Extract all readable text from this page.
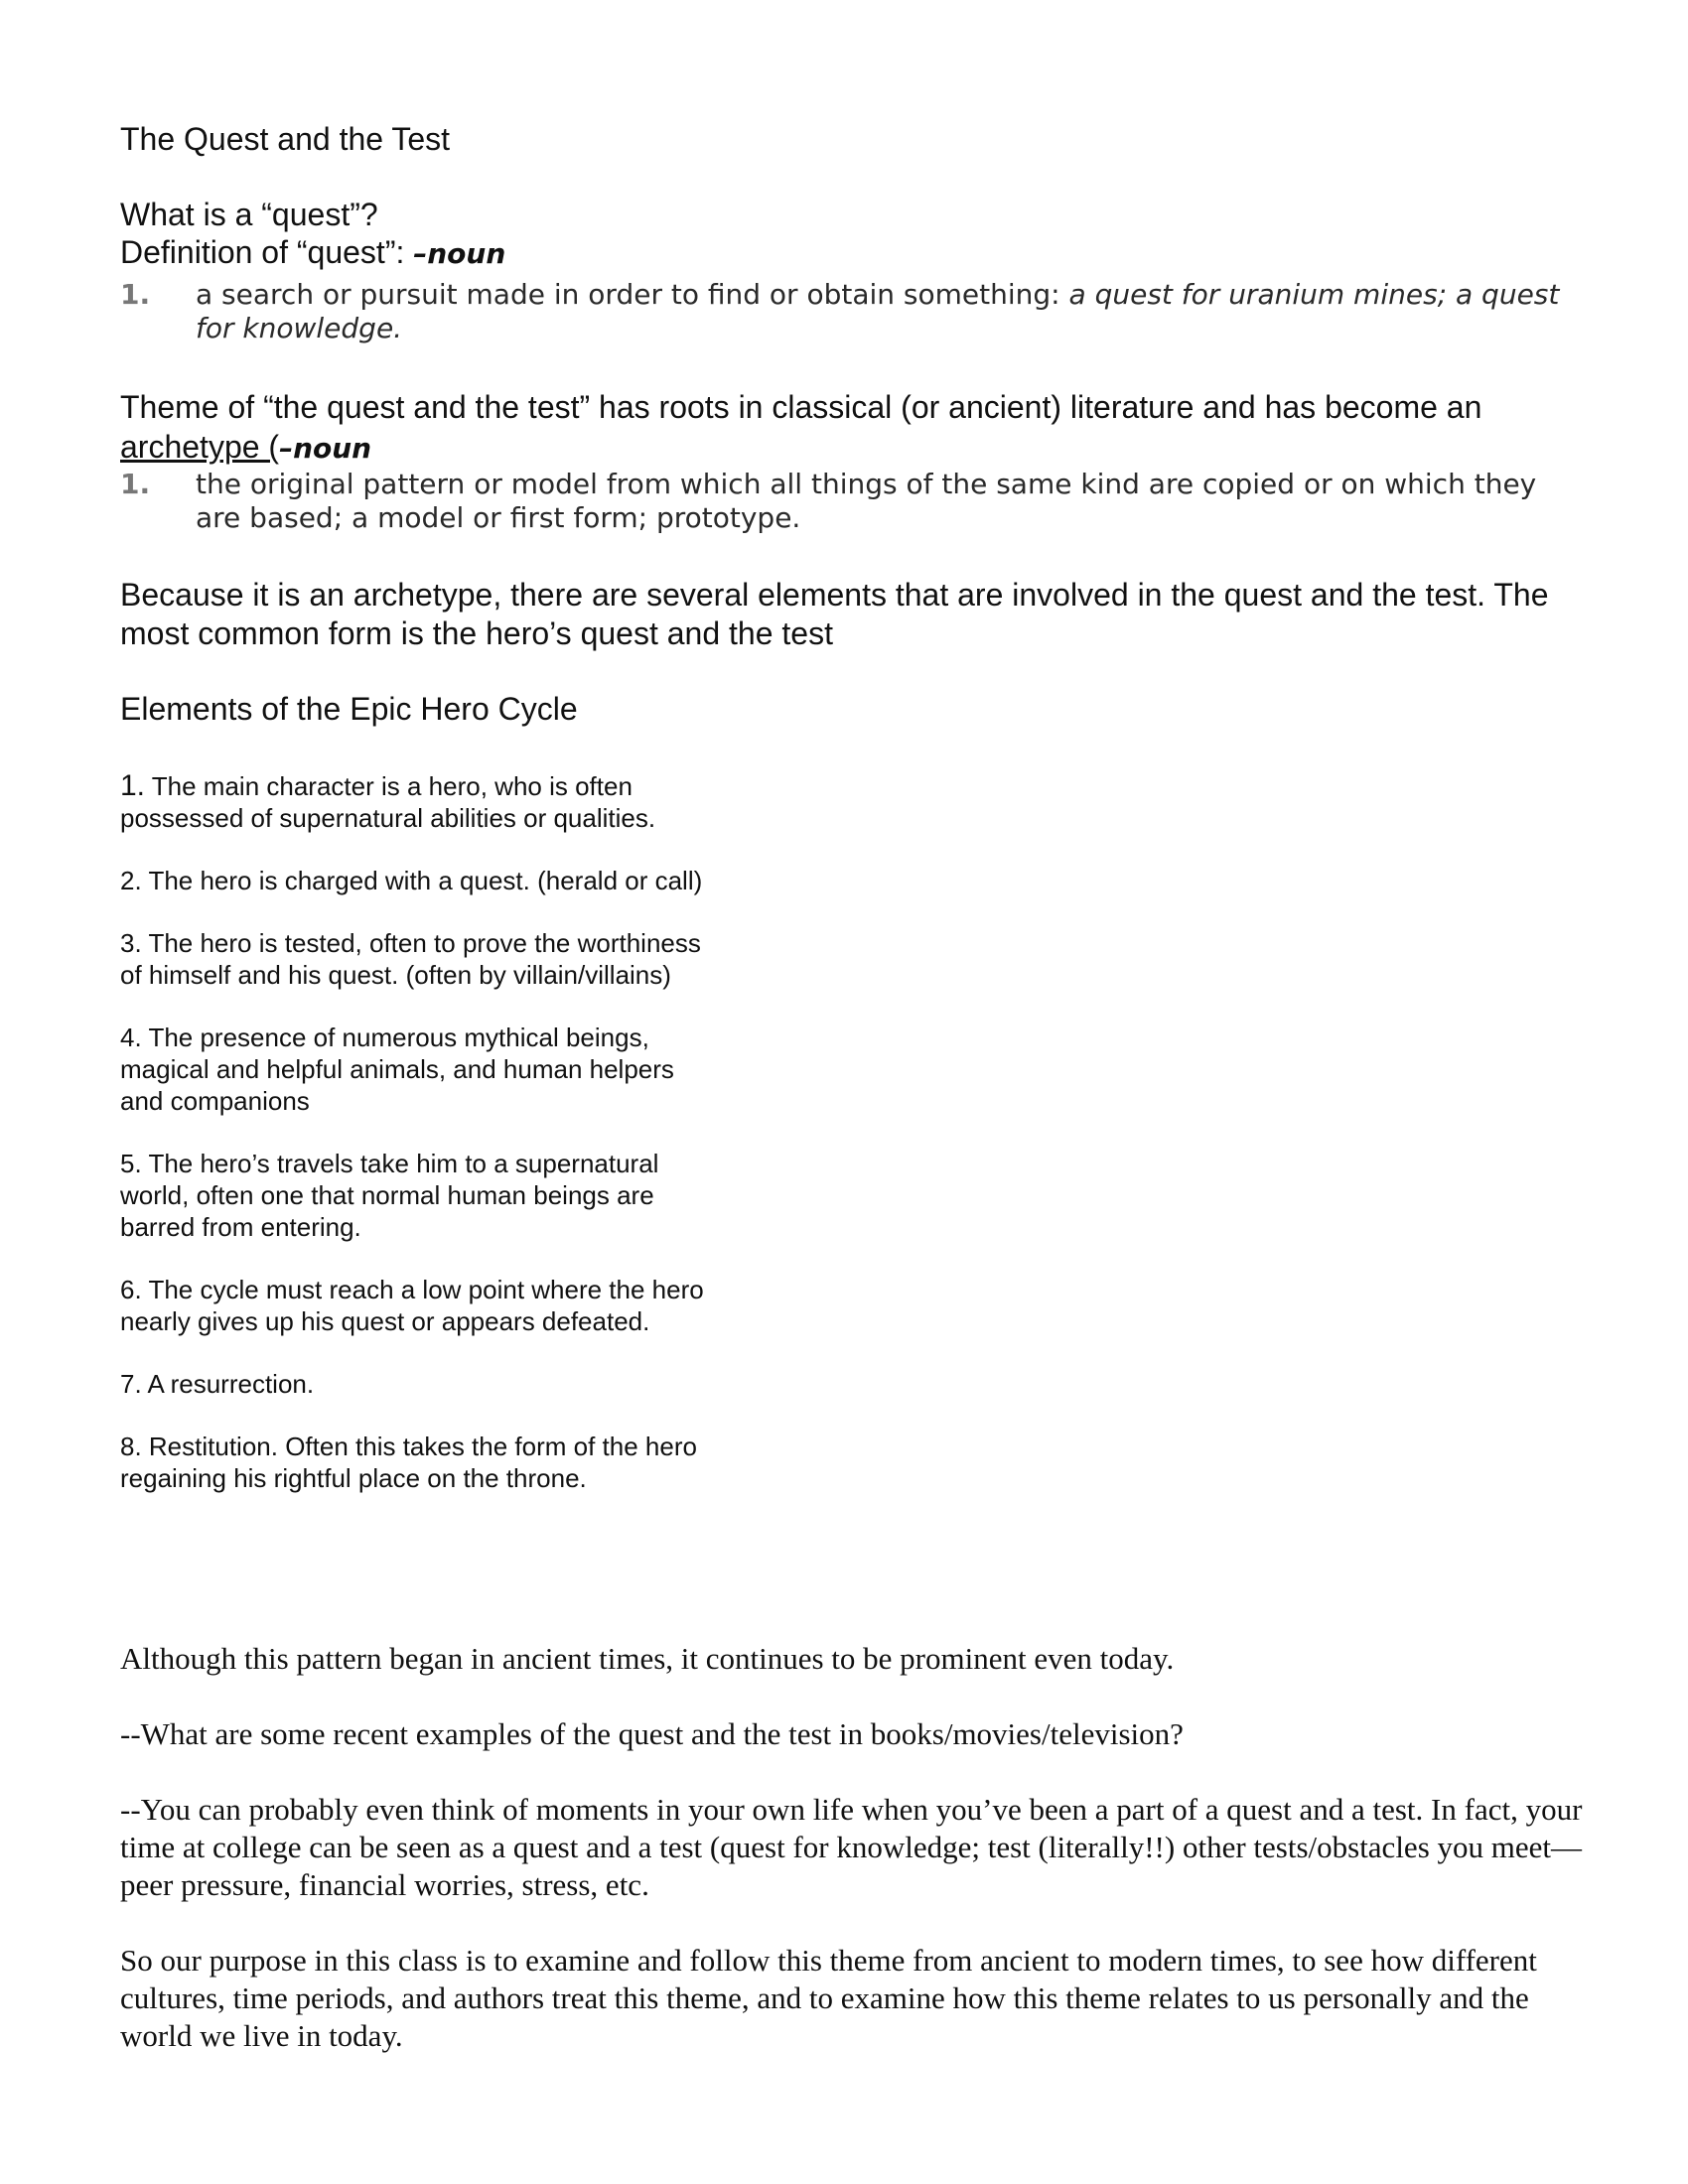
The Quest and the Test
What is a “quest”?
Definition of “quest”: –noun
1. a search or pursuit made in order to find or obtain something: a quest for uranium mines; a quest for knowledge.
Theme of “the quest and the test” has roots in classical (or ancient) literature and has become an archetype (–noun
1. the original pattern or model from which all things of the same kind are copied or on which they are based; a model or first form; prototype.
Because it is an archetype, there are several elements that are involved in the quest and the test. The most common form is the hero’s quest and the test
Elements of the Epic Hero Cycle
1. The main character is a hero, who is often possessed of supernatural abilities or qualities.
2. The hero is charged with a quest. (herald or call)
3. The hero is tested, often to prove the worthiness of himself and his quest. (often by villain/villains)
4. The presence of numerous mythical beings, magical and helpful animals, and human helpers and companions
5. The hero’s travels take him to a supernatural world, often one that normal human beings are barred from entering.
6. The cycle must reach a low point where the hero nearly gives up his quest or appears defeated.
7. A resurrection.
8. Restitution. Often this takes the form of the hero regaining his rightful place on the throne.

Although this pattern began in ancient times, it continues to be prominent even today.

--What are some recent examples of the quest and the test in books/movies/television?

--You can probably even think of moments in your own life when you’ve been a part of a quest and a test. In fact, your time at college can be seen as a quest and a test (quest for knowledge; test (literally!!) other tests/obstacles you meet—peer pressure, financial worries, stress, etc.

So our purpose in this class is to examine and follow this theme from ancient to modern times, to see how different cultures, time periods, and authors treat this theme, and to examine how this theme relates to us personally and the world we live in today.
